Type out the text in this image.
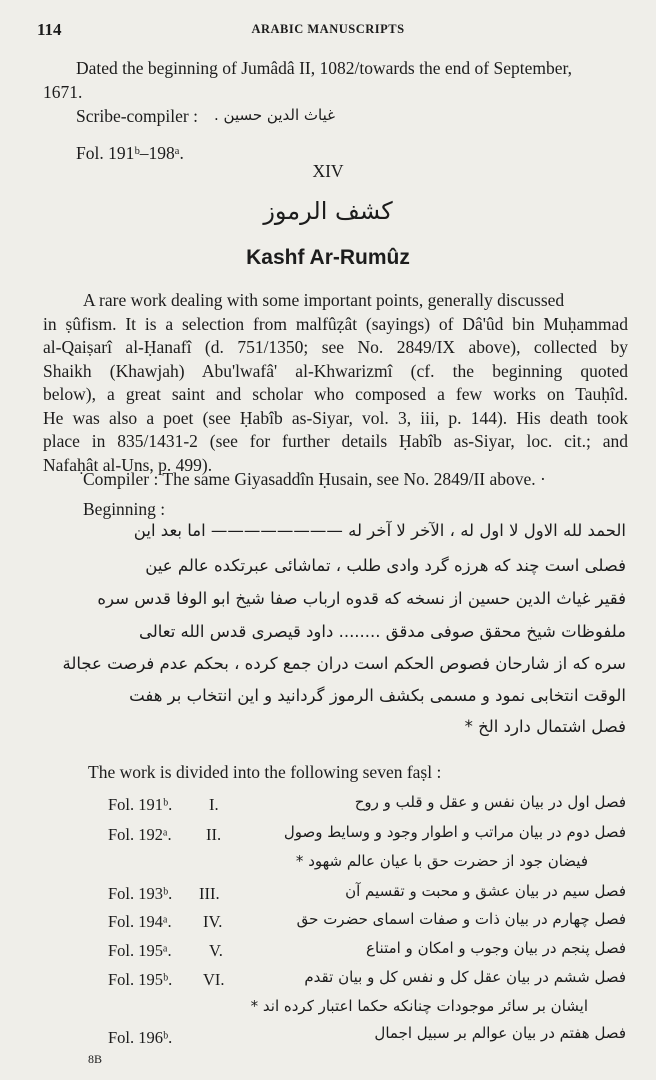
114	ARABIC MANUSCRIPTS
Dated the beginning of Jumâdâ II, 1082/towards the end of September,
1671.
Scribe-compiler : غياث الدين حسين .
Fol. 191ᵇ–198ᵃ.
XIV
كشف الرموز
Kashf Ar-Rumûz
A rare work dealing with some important points, generally discussed
in ṣûfism. It is a selection from malfûẓât (sayings) of Dâ'ûd bin Muḥammad
al-Qaiṣarî al-Ḥanafî (d. 751/1350; see No. 2849/IX above), collected by
Shaikh (Khawjah) Abu'lwafâ' al-Khwarizmî (cf. the beginning quoted
below), a great saint and scholar who composed a few works on Tauḥîd.
He was also a poet (see Ḥabîb as-Siyar, vol. 3, iii, p. 144). His death took
place in 835/1431-2 (see for further details Ḥabîb as-Siyar, loc. cit.; and
Nafaḥât al-Uns, p. 499).
Compiler : The same Giyasaddîn Ḥusain, see No. 2849/II above. ·
Beginning :
الحمد لله الاول لا اول له ، الآخر لا آخر له ———————— اما بعد این
فصلی است چند که هرزه گرد وادی طلب ، تماشائی عبرتکده عالم عین
فقیر غیاث الدین حسین از نسخه که قدوه ارباب صفا شیخ ابو الوفا قدس سره
ملفوظات شیخ محقق صوفی مدقق ........ داود قیصری قدس الله تعالی
سره که از شارحان فصوص الحکم است دران جمع کرده ، بحکم عدم فرصت عجالة
الوقت انتخابی نمود و مسمی بکشف الرموز گردانید و این انتخاب بر هفت
فصل اشتمال دارد الخ *
The work is divided into the following seven faṣl :
Fol. 191ᵇ. I.	فصل اول در بیان نفس و عقل و قلب و روح
Fol. 192ᵃ. II.	فصل دوم در بیان مراتب و اطوار وجود و وسایط وصول
فیضان جود از حضرت حق با عیان عالم شهود *
Fol. 193ᵇ. III.	فصل سیم در بیان عشق و محبت و تقسیم آن
Fol. 194ᵃ. IV.	فصل چهارم در بیان ذات و صفات اسمای حضرت حق
Fol. 195ᵃ. V.	فصل پنجم در بیان وجوب و امکان و امتناع
Fol. 195ᵇ. VI.	فصل ششم در بیان عقل کل و نفس کل و بیان تقدم
ایشان بر سائر موجودات چنانکه حکما اعتبار کرده اند *
Fol. 196ᵇ.	فصل هفتم در بیان عوالم بر سبیل اجمال
8B
